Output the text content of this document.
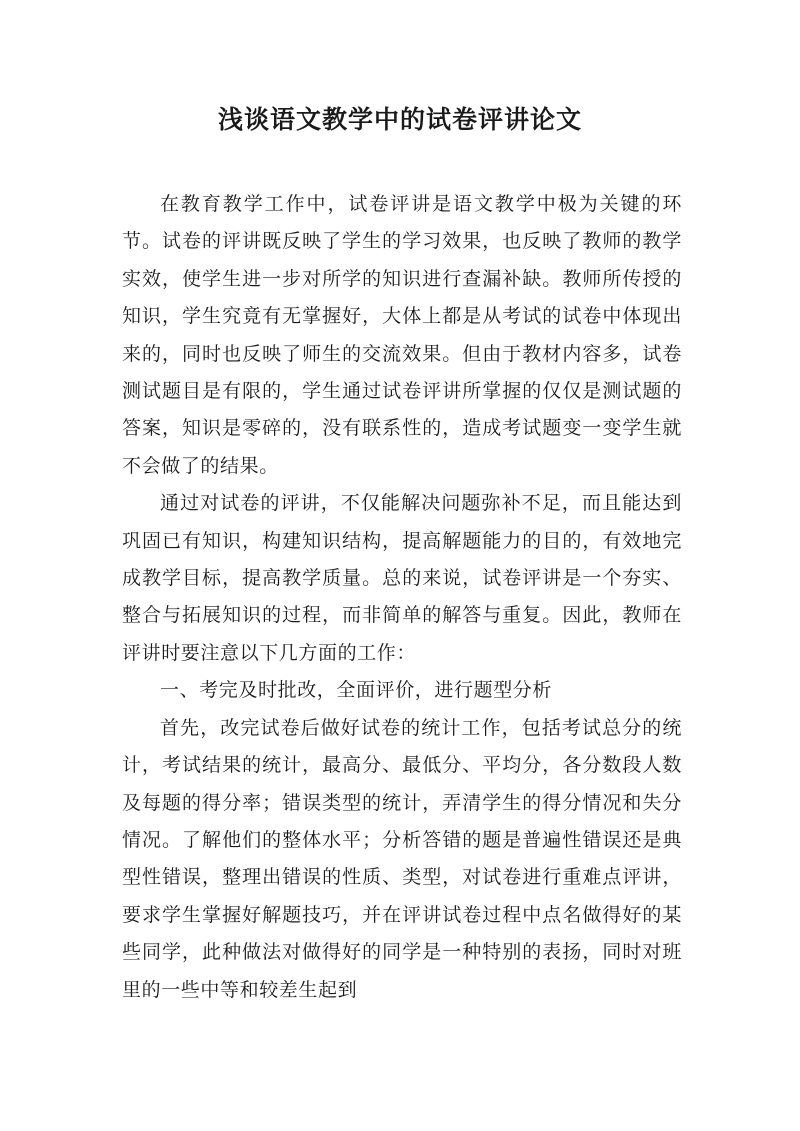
浅谈语文教学中的试卷评讲论文

在教育教学工作中，试卷评讲是语文教学中极为关键的环节。试卷的评讲既反映了学生的学习效果，也反映了教师的教学实效，使学生进一步对所学的知识进行查漏补缺。教师所传授的知识，学生究竟有无掌握好，大体上都是从考试的试卷中体现出来的，同时也反映了师生的交流效果。但由于教材内容多，试卷测试题目是有限的，学生通过试卷评讲所掌握的仅仅是测试题的答案，知识是零碎的，没有联系性的，造成考试题变一变学生就不会做了的结果。

通过对试卷的评讲，不仅能解决问题弥补不足，而且能达到巩固已有知识，构建知识结构，提高解题能力的目的，有效地完成教学目标，提高教学质量。总的来说，试卷评讲是一个夯实、整合与拓展知识的过程，而非简单的解答与重复。因此，教师在评讲时要注意以下几方面的工作：

一、考完及时批改，全面评价，进行题型分析

首先，改完试卷后做好试卷的统计工作，包括考试总分的统计，考试结果的统计，最高分、最低分、平均分，各分数段人数及每题的得分率；错误类型的统计，弄清学生的得分情况和失分情况。了解他们的整体水平；分析答错的题是普遍性错误还是典型性错误，整理出错误的性质、类型，对试卷进行重难点评讲，要求学生掌握好解题技巧，并在评讲试卷过程中点名做得好的某些同学，此种做法对做得好的同学是一种特别的表扬，同时对班里的一些中等和较差生起到
